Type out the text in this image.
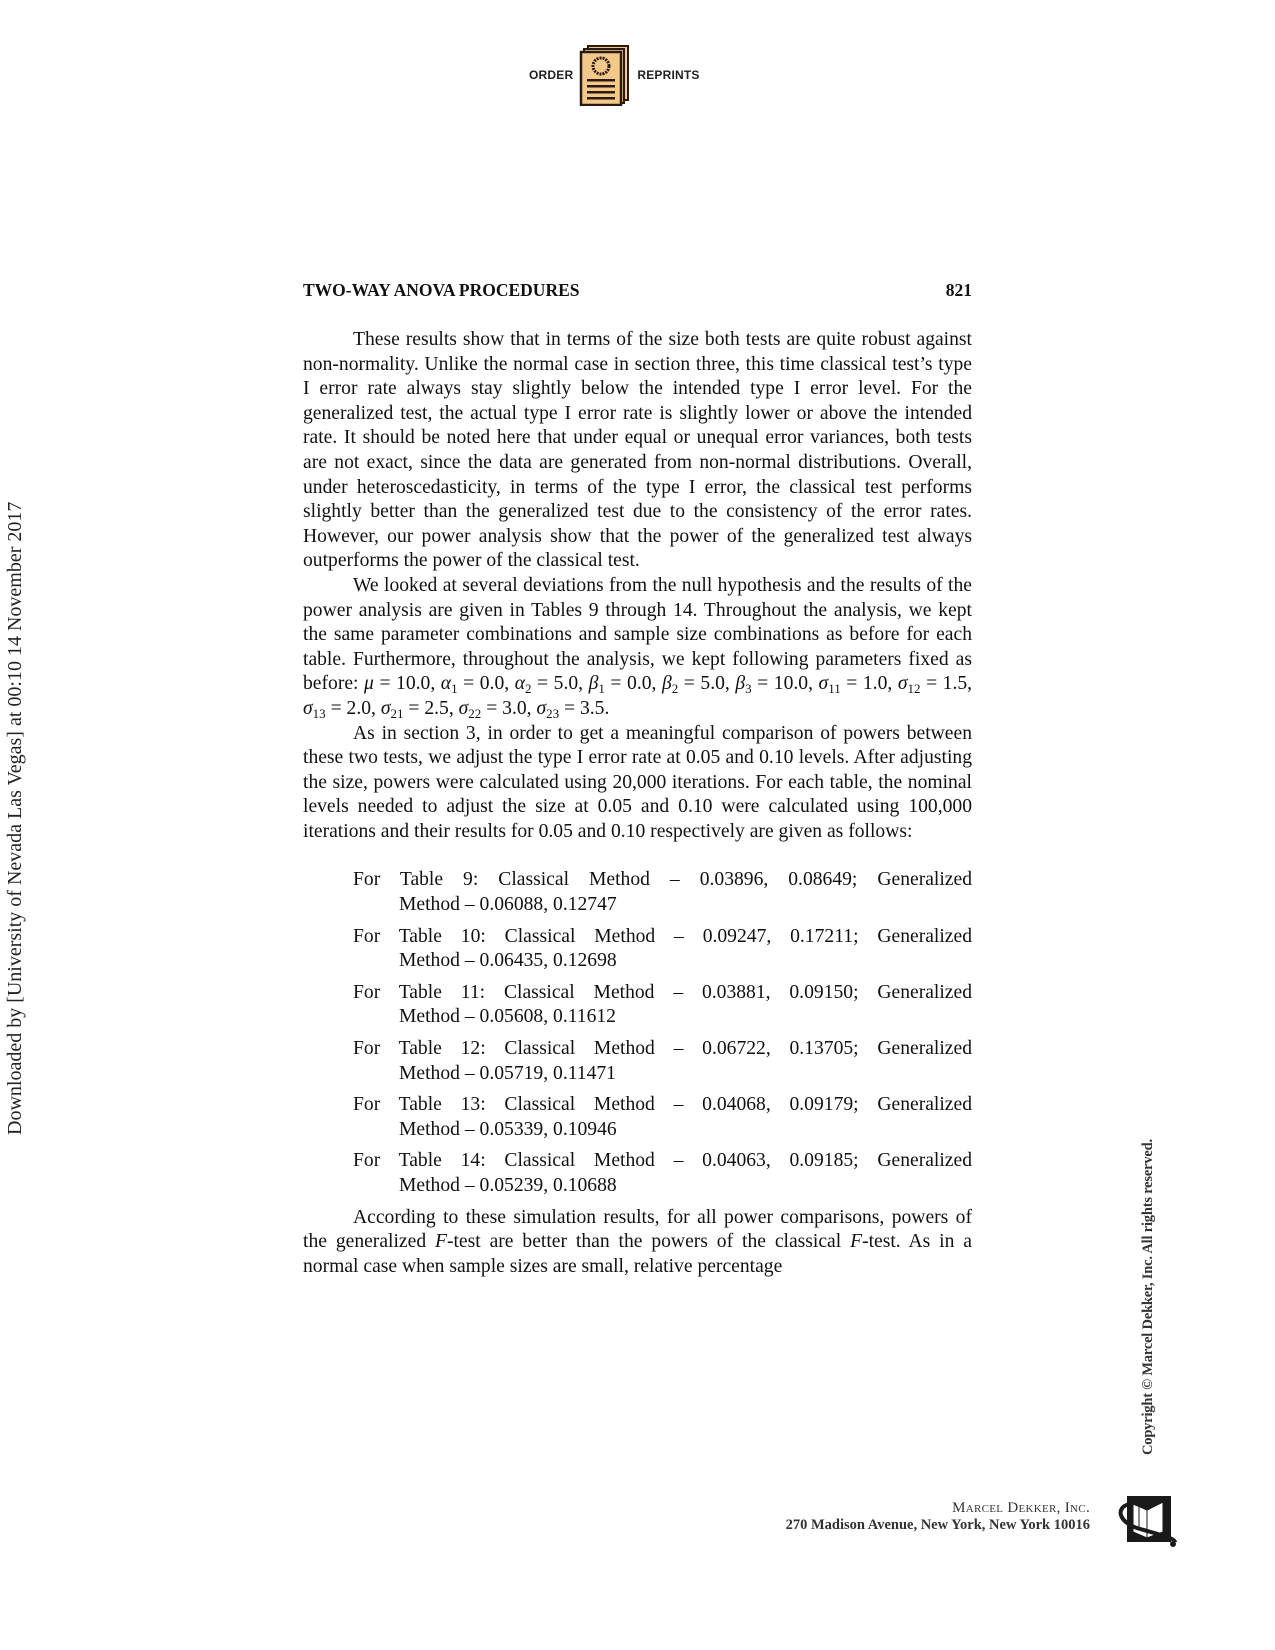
ORDER	REPRINTS
TWO-WAY ANOVA PROCEDURES	821

These results show that in terms of the size both tests are quite robust against non-normality. Unlike the normal case in section three, this time classical test’s type I error rate always stay slightly below the intended type I error level. For the generalized test, the actual type I error rate is slightly lower or above the intended rate. It should be noted here that under equal or unequal error variances, both tests are not exact, since the data are generated from non-normal distributions. Overall, under heteroscedasticity, in terms of the type I error, the classical test performs slightly better than the generalized test due to the consistency of the error rates. However, our power analysis show that the power of the generalized test always outperforms the power of the classical test.

We looked at several deviations from the null hypothesis and the results of the power analysis are given in Tables 9 through 14. Throughout the analysis, we kept the same parameter combinations and sample size combinations as before for each table. Furthermore, throughout the analysis, we kept following parameters fixed as before: μ = 10.0, $\alpha_1 = 0.0$, $\alpha_2 = 5.0$, $\beta_1 = 0.0$, $\beta_2 = 5.0$, $\beta_3 = 10.0$, $\sigma_{11} = 1.0$, $\sigma_{12} = 1.5$, $\sigma_{13} = 2.0$, $\sigma_{21} = 2.5$, $\sigma_{22} = 3.0$, $\sigma_{23} = 3.5$.

As in section 3, in order to get a meaningful comparison of powers between these two tests, we adjust the type I error rate at 0.05 and 0.10 levels. After adjusting the size, powers were calculated using 20,000 iterations. For each table, the nominal levels needed to adjust the size at 0.05 and 0.10 were calculated using 100,000 iterations and their results for 0.05 and 0.10 respectively are given as follows:

For Table 9: Classical Method – 0.03896, 0.08649; Generalized
Method – 0.06088, 0.12747
For Table 10: Classical Method – 0.09247, 0.17211; Generalized
Method – 0.06435, 0.12698
For Table 11: Classical Method – 0.03881, 0.09150; Generalized
Method – 0.05608, 0.11612
For Table 12: Classical Method – 0.06722, 0.13705; Generalized
Method – 0.05719, 0.11471
For Table 13: Classical Method – 0.04068, 0.09179; Generalized
Method – 0.05339, 0.10946
For Table 14: Classical Method – 0.04063, 0.09185; Generalized
Method – 0.05239, 0.10688

According to these simulation results, for all power comparisons, powers of the generalized F-test are better than the powers of the classical F-test. As in a normal case when sample sizes are small, relative percentage

Downloaded by [University of Nevada Las Vegas] at 00:10 14 November 2017
Copyright © Marcel Dekker, Inc. All rights reserved.
Marcel Dekker, Inc.
270 Madison Avenue, New York, New York 10016
